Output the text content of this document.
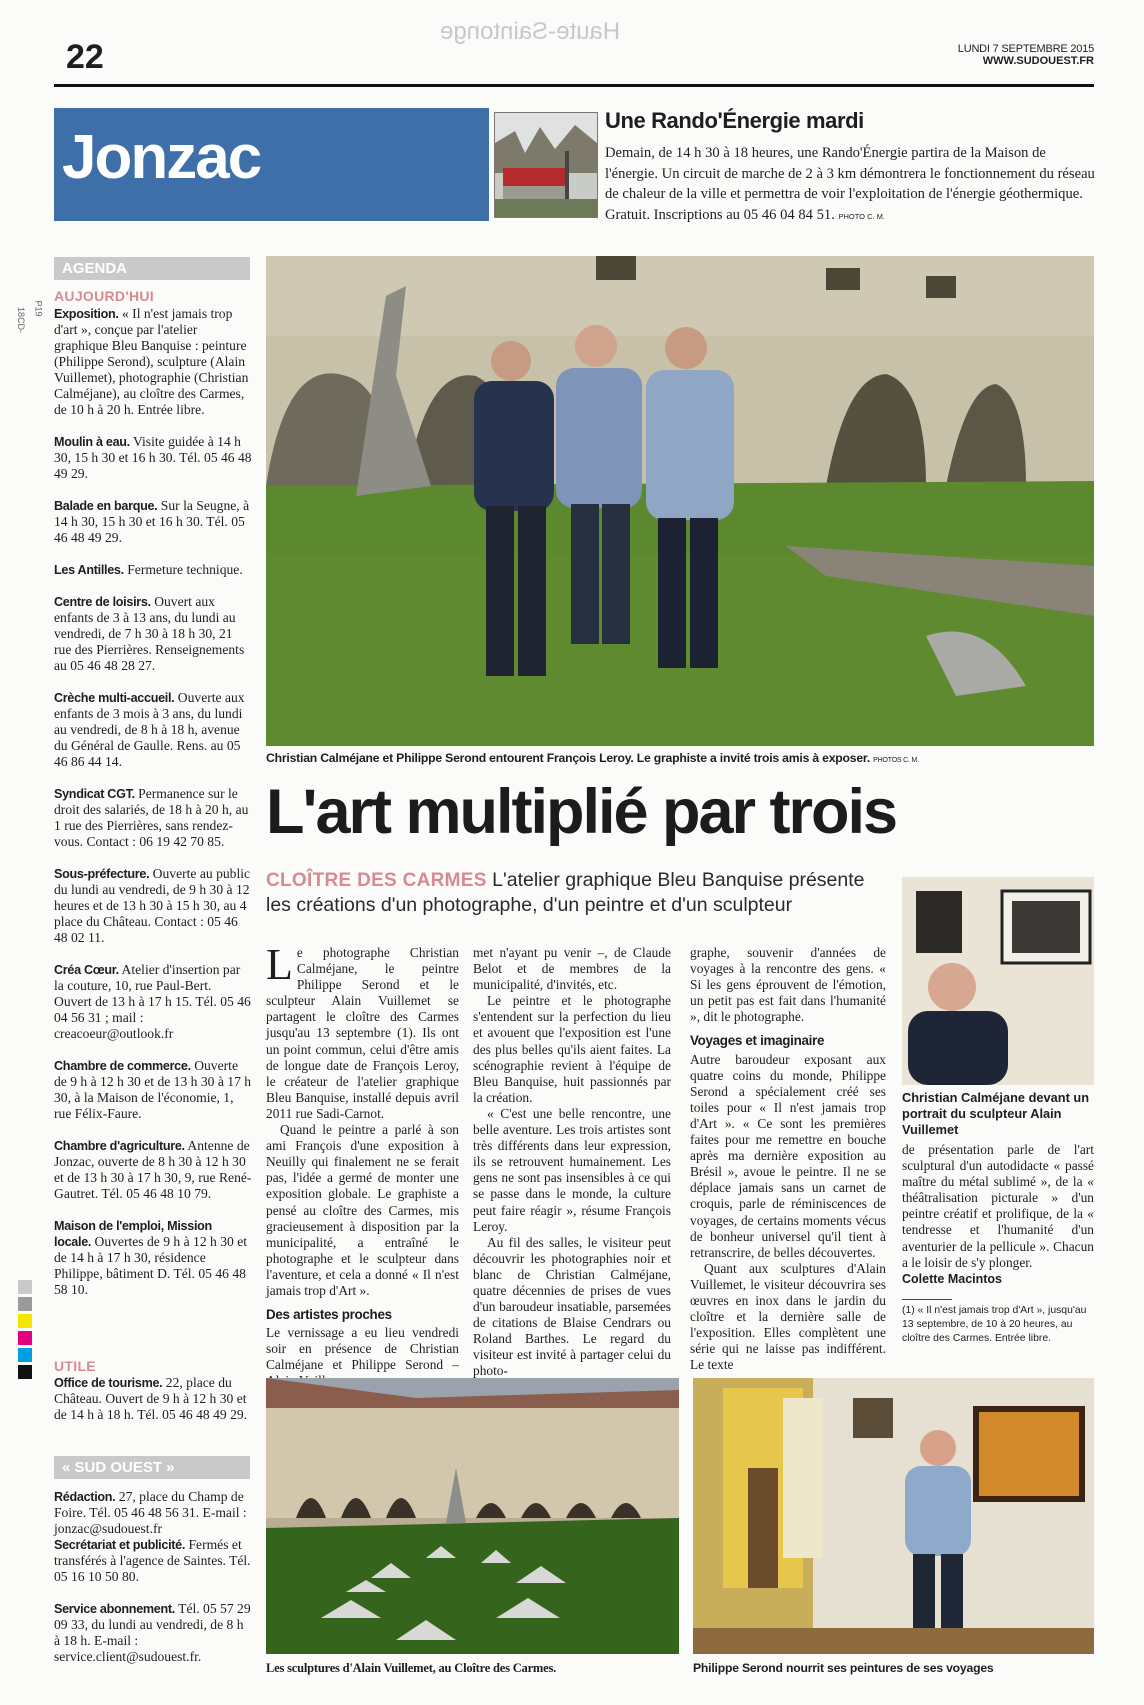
P19
18CD-
22
Haute-Saintonge
LUNDI 7 SEPTEMBRE 2015
WWW.SUDOUEST.FR
Jonzac
Une Rando'Énergie mardi
Demain, de 14 h 30 à 18 heures, une Rando'Énergie partira de la Maison de l'énergie. Un circuit de marche de 2 à 3 km démontrera le fonctionnement du réseau de chaleur de la ville et permettra de voir l'exploitation de l'énergie géothermique. Gratuit. Inscriptions au 05 46 04 84 51. PHOTO C. M.
AGENDA
AUJOURD'HUI

Exposition. « Il n'est jamais trop d'art », conçue par l'atelier graphique Bleu Banquise : peinture (Philippe Serond), sculpture (Alain Vuillemet), photographie (Christian Calméjane), au cloître des Carmes, de 10 h à 20 h. Entrée libre.

Moulin à eau. Visite guidée à 14 h 30, 15 h 30 et 16 h 30. Tél. 05 46 48 49 29.

Balade en barque. Sur la Seugne, à 14 h 30, 15 h 30 et 16 h 30. Tél. 05 46 48 49 29.

Les Antilles. Fermeture technique.

Centre de loisirs. Ouvert aux enfants de 3 à 13 ans, du lundi au vendredi, de 7 h 30 à 18 h 30, 21 rue des Pierrières. Renseignements au 05 46 48 28 27.

Crèche multi-accueil. Ouverte aux enfants de 3 mois à 3 ans, du lundi au vendredi, de 8 h à 18 h, avenue du Général de Gaulle. Rens. au 05 46 86 44 14.

Syndicat CGT. Permanence sur le droit des salariés, de 18 h à 20 h, au 1 rue des Pierrières, sans rendez-vous. Contact : 06 19 42 70 85.

Sous-préfecture. Ouverte au public du lundi au vendredi, de 9 h 30 à 12 heures et de 13 h 30 à 15 h 30, au 4 place du Château. Contact : 05 46 48 02 11.

Créa Cœur. Atelier d'insertion par la couture, 10, rue Paul-Bert. Ouvert de 13 h à 17 h 15. Tél. 05 46 04 56 31 ; mail : creacoeur@outlook.fr

Chambre de commerce. Ouverte de 9 h à 12 h 30 et de 13 h 30 à 17 h 30, à la Maison de l'économie, 1, rue Félix-Faure.

Chambre d'agriculture. Antenne de Jonzac, ouverte de 8 h 30 à 12 h 30 et de 13 h 30 à 17 h 30, 9, rue René-Gautret. Tél. 05 46 48 10 79.

Maison de l'emploi, Mission locale. Ouvertes de 9 h à 12 h 30 et de 14 h à 17 h 30, résidence Philippe, bâtiment D. Tél. 05 46 48 58 10.

UTILE

Office de tourisme. 22, place du Château. Ouvert de 9 h à 12 h 30 et de 14 h à 18 h. Tél. 05 46 48 49 29.

« SUD OUEST »

Rédaction. 27, place du Champ de Foire. Tél. 05 46 48 56 31. E-mail : jonzac@sudouest.fr

Secrétariat et publicité. Fermés et transférés à l'agence de Saintes. Tél. 05 16 10 50 80.

Service abonnement. Tél. 05 57 29 09 33, du lundi au vendredi, de 8 h à 18 h. E-mail : service.client@sudouest.fr.

Christian Calméjane et Philippe Serond entourent François Leroy. Le graphiste a invité trois amis à exposer. PHOTOS C. M.
L'art multiplié par trois
CLOÎTRE DES CARMES L'atelier graphique Bleu Banquise présente
les créations d'un photographe, d'un peintre et d'un sculpteur

Le photographe Christian Calméjane, le peintre Philippe Serond et le sculpteur Alain Vuillemet se partagent le cloître des Carmes jusqu'au 13 septembre (1). Ils ont un point commun, celui d'être amis de longue date de François Leroy, le créateur de l'atelier graphique Bleu Banquise, installé depuis avril 2011 rue Sadi-Carnot.

Quand le peintre a parlé à son ami François d'une exposition à Neuilly qui finalement ne se ferait pas, l'idée a germé de monter une exposition globale. Le graphiste a pensé au cloître des Carmes, mis gracieusement à disposition par la municipalité, a entraîné le photographe et le sculpteur dans l'aventure, et cela a donné « Il n'est jamais trop d'Art ».

Des artistes proches

Le vernissage a eu lieu vendredi soir en présence de Christian Calméjane et Philippe Serond –

met n'ayant pu venir –, de Claude Belot et de membres de la municipalité, d'invités, etc.

Le peintre et le photographe s'entendent sur la perfection du lieu et avouent que l'exposition est l'une des plus belles qu'ils aient faites. La scénographie revient à l'équipe de Bleu Banquise, huit passionnés par la création.

« C'est une belle rencontre, une belle aventure. Les trois artistes sont très différents dans leur expression, ils se retrouvent humainement. Les gens ne sont pas insensibles à ce qui se passe dans le monde, la culture peut faire réagir », résume François Leroy.

Au fil des salles, le visiteur peut découvrir les photographies noir et blanc de Christian Calméjane, quatre décennies de prises de vues d'un baroudeur insatiable, parsemées de citations de Blaise Cendrars ou Roland Barthes. Le regard du visiteur est invité à partager celui du photo-

graphe, souvenir d'années de voyages à la rencontre des gens. « Si les gens éprouvent de l'émotion, un petit pas est fait dans l'humanité », dit le photographe.

Voyages et imaginaire

Autre baroudeur exposant aux quatre coins du monde, Philippe Serond a spécialement créé ses toiles pour « Il n'est jamais trop d'Art ». « Ce sont les premières faites pour me remettre en bouche après ma dernière exposition au Brésil », avoue le peintre. Il ne se déplace jamais sans un carnet de croquis, parle de réminiscences de voyages, de certains moments vécus de bonheur universel qu'il tient à retranscrire, de belles découvertes.

Quant aux sculptures d'Alain Vuillemet, le visiteur découvrira ses œuvres en inox dans le jardin du cloître et la dernière salle de l'exposition. Elles complètent une série qui ne laisse pas indifférent. Le texte

Christian Calméjane devant un portrait du sculpteur Alain Vuillemet

de présentation parle de l'art sculptural d'un autodidacte « passé maître du métal sublimé », de la « théâtralisation picturale » d'un peintre créatif et prolifique, de la « tendresse et l'humanité d'un aventurier de la pellicule ». Chacun a le loisir de s'y plonger.

Colette Macintos

(1) « Il n'est jamais trop d'Art », jusqu'au 13 septembre, de 10 à 20 heures, au cloître des Carmes. Entrée libre.

Les sculptures d'Alain Vuillemet, au Cloître des Carmes.	Philippe Serond nourrit ses peintures de ses voyages
